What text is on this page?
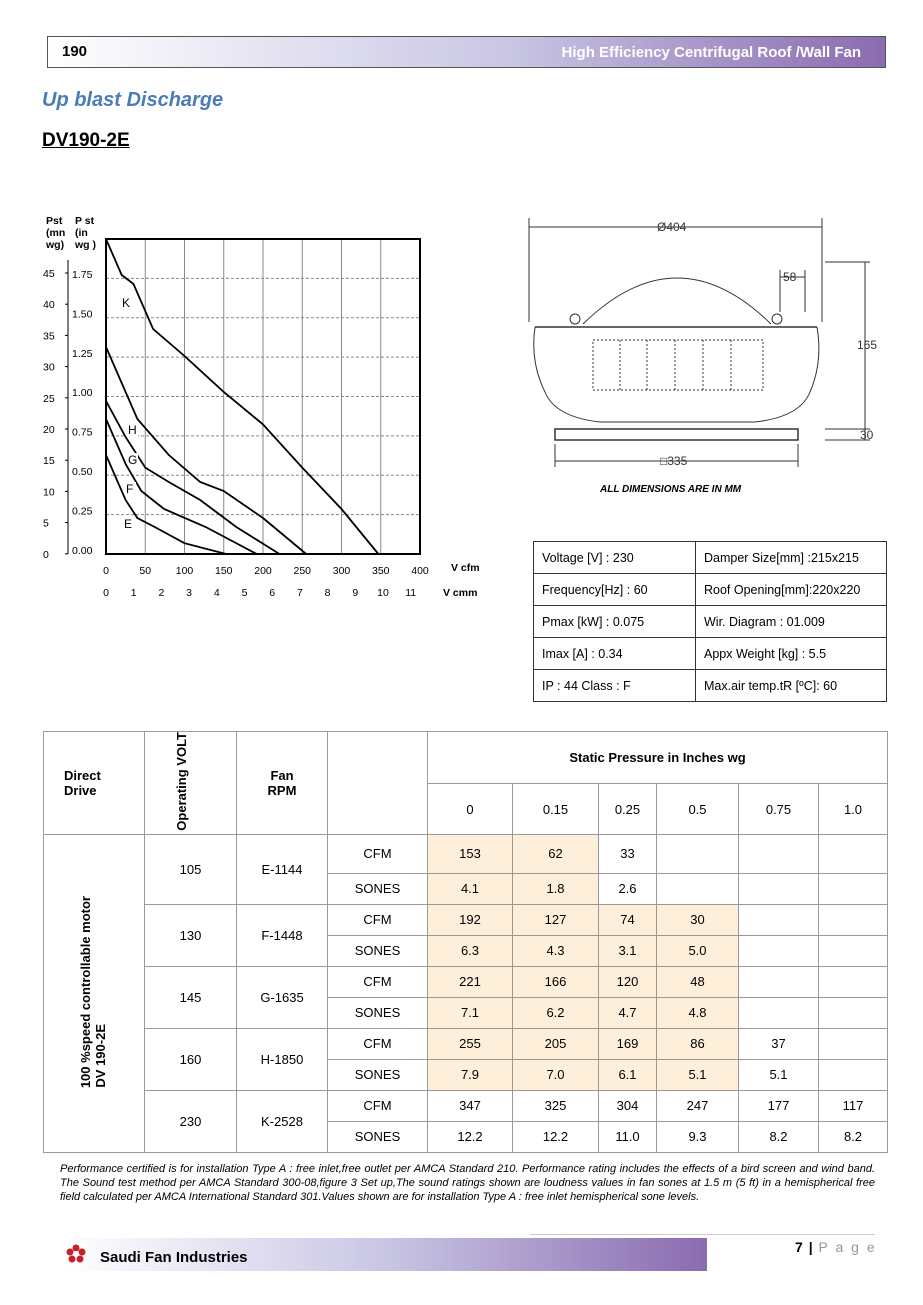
190	High Efficiency Centrifugal Roof /Wall Fan
Up blast Discharge
DV190-2E
45
40
35
30
25
20
15
10
5
0
1.75
1.50
1.25
1.00
0.75
0.50
0.25
0.00
Pst
(mn
wg)
P st
(in
wg )
0	50 100 150 200 250 300 350 400
0 1 2 3 4 5 6 7 8 9 10 11
V cfm
V cmm
K
H
G
F
E
Ø404
58
165
30
□335
ALL DIMENSIONS ARE IN MM
Voltage [V] : 230	Damper Size[mm] :215x215
Frequency[Hz] : 60	Roof Opening[mm]:220x220
Pmax [kW] : 0.075	Wir. Diagram : 01.009
Imax [A] : 0.34	Appx Weight [kg] : 5.5
IP : 44 Class : F	Max.air temp.tR [ºC]: 60
Direct Drive	Operating VOLT	Fan RPM		Static Pressure in Inches wg					
				0	0.15	0.25	0.5	0.75	1.0
100 %speed controllable motorDV 190-2E	105	E-1144	CFM	153	62	33			
			SONES	4.1	1.8	2.6			
	130	F-1448	CFM	192	127	74	30		
			SONES	6.3	4.3	3.1	5.0		
	145	G-1635	CFM	221	166	120	48		
			SONES	7.1	6.2	4.7	4.8		
	160	H-1850	CFM	255	205	169	86	37	
			SONES	7.9	7.0	6.1	5.1	5.1	
	230	K-2528	CFM	347	325	304	247	177	117
			SONES	12.2	12.2	11.0	9.3	8.2	8.2
Performance certified is for installation Type A : free inlet,free outlet per AMCA Standard 210. Performance rating includes the effects of a bird screen and wind band. The Sound test method per AMCA Standard 300-08,figure 3 Set up,The sound ratings shown are loudness values in fan sones at 1.5 m (5 ft) in a hemispherical free field calculated per AMCA International Standard 301.Values shown are for installation Type A : free inlet hemispherical sone levels.
7 | P a g e
Saudi Fan Industries
